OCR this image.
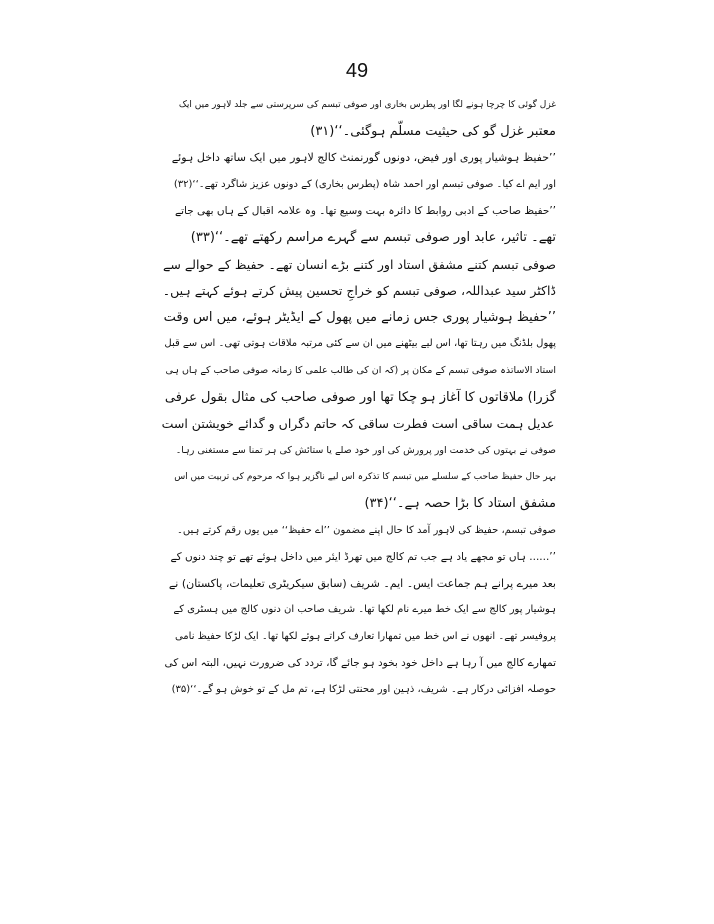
49
غزل گوئی کا چرچا ہونے لگا اور پطرس بخاری اور صوفی تبسم کی سرپرستی سے جلد لاہور میں ایک
معتبر غزل گو کی حیثیت مسلّم ہوگئی۔‘‘(۳۱)
’’حفیظ ہوشیار پوری اور فیض، دونوں گورنمنٹ کالج لاہور میں ایک ساتھ داخل ہوئے
اور ایم اے کیا۔ صوفی تبسم اور احمد شاہ (پطرس بخاری) کے دونوں عزیز شاگرد تھے۔‘‘(۳۲)
’’حفیظ صاحب کے ادبی روابط کا دائرہ بہت وسیع تھا۔ وہ علامہ اقبال کے ہاں بھی جاتے
تھے۔ تاثیر، عابد اور صوفی تبسم سے گہرے مراسم رکھتے تھے۔‘‘(۳۳)
صوفی تبسم کتنے مشفق استاد اور کتنے بڑے انسان تھے۔ حفیظ کے حوالے سے
ڈاکٹر سید عبداللہ، صوفی تبسم کو خراجِ تحسین پیش کرتے ہوئے کہتے ہیں۔
’’حفیظ ہوشیار پوری جس زمانے میں پھول کے ایڈیٹر ہوئے، میں اس وقت
پھول بلڈنگ میں رہتا تھا، اس لیے بیٹھنے میں ان سے کئی مرتبہ ملاقات ہوتی تھی۔ اس سے قبل
استاد الاساتذہ صوفی تبسم کے مکان پر (کہ ان کی طالب علمی کا زمانہ صوفی صاحب کے ہاں ہی
گزرا) ملاقاتوں کا آغاز ہو چکا تھا اور صوفی صاحب کی مثال بقول عرفی
عدیل ہمت ساقی است فطرت ساقی کہ حاتم دگراں و گدائے خویشتن است
صوفی نے بہتوں کی خدمت اور پرورش کی اور خود صلے یا ستائش کی ہر تمنا سے مستغنی رہا۔
بہر حال حفیظ صاحب کے سلسلے میں تبسم کا تذکرہ اس لیے ناگزیر ہوا کہ مرحوم کی تربیت میں اس
مشفق استاد کا بڑا حصہ ہے۔‘‘(۳۴)
صوفی تبسم، حفیظ کی لاہور آمد کا حال اپنے مضمون ’’اے حفیظ‘‘ میں یوں رقم کرتے ہیں۔
’’...... ہاں تو مجھے یاد ہے جب تم کالج میں تھرڈ ایئر میں داخل ہوئے تھے تو چند دنوں کے
بعد میرے پرانے ہم جماعت ایس۔ ایم۔ شریف (سابق سیکریٹری تعلیمات، پاکستان) نے
ہوشیار پور کالج سے ایک خط میرے نام لکھا تھا۔ شریف صاحب ان دنوں کالج میں ہسٹری کے
پروفیسر تھے۔ انھوں نے اس خط میں تمھارا تعارف کراتے ہوئے لکھا تھا۔ ایک لڑکا حفیظ نامی
تمھارے کالج میں آ رہا ہے داخل خود بخود ہو جائے گا، تردد کی ضرورت نہیں، البتہ اس کی
حوصلہ افزائی درکار ہے۔ شریف، ذہین اور محنتی لڑکا ہے، تم مل کے تو خوش ہو گے۔‘‘(۳۵)
